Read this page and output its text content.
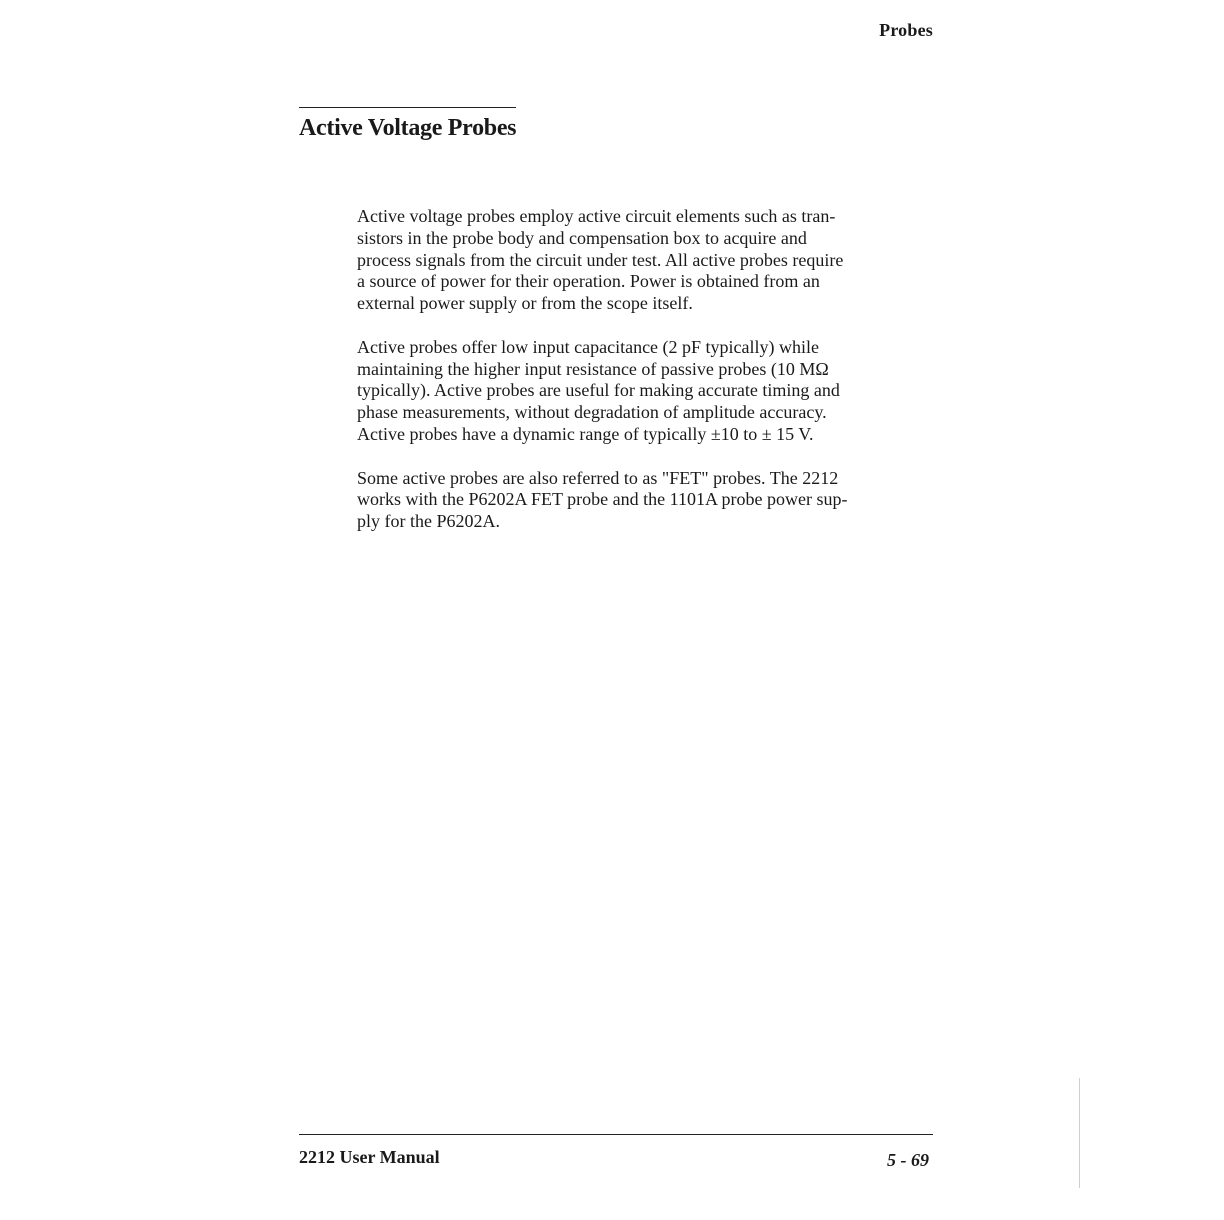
Probes
Active Voltage Probes

Active voltage probes employ active circuit elements such as tran-
sistors in the probe body and compensation box to acquire and
process signals from the circuit under test. All active probes require
a source of power for their operation. Power is obtained from an
external power supply or from the scope itself.

Active probes offer low input capacitance (2 pF typically) while
maintaining the higher input resistance of passive probes (10 MΩ
typically). Active probes are useful for making accurate timing and
phase measurements, without degradation of amplitude accuracy.
Active probes have a dynamic range of typically ±10 to ± 15 V.

Some active probes are also referred to as "FET" probes. The 2212
works with the P6202A FET probe and the 1101A probe power sup-
ply for the P6202A.

2212 User Manual	5 - 69
